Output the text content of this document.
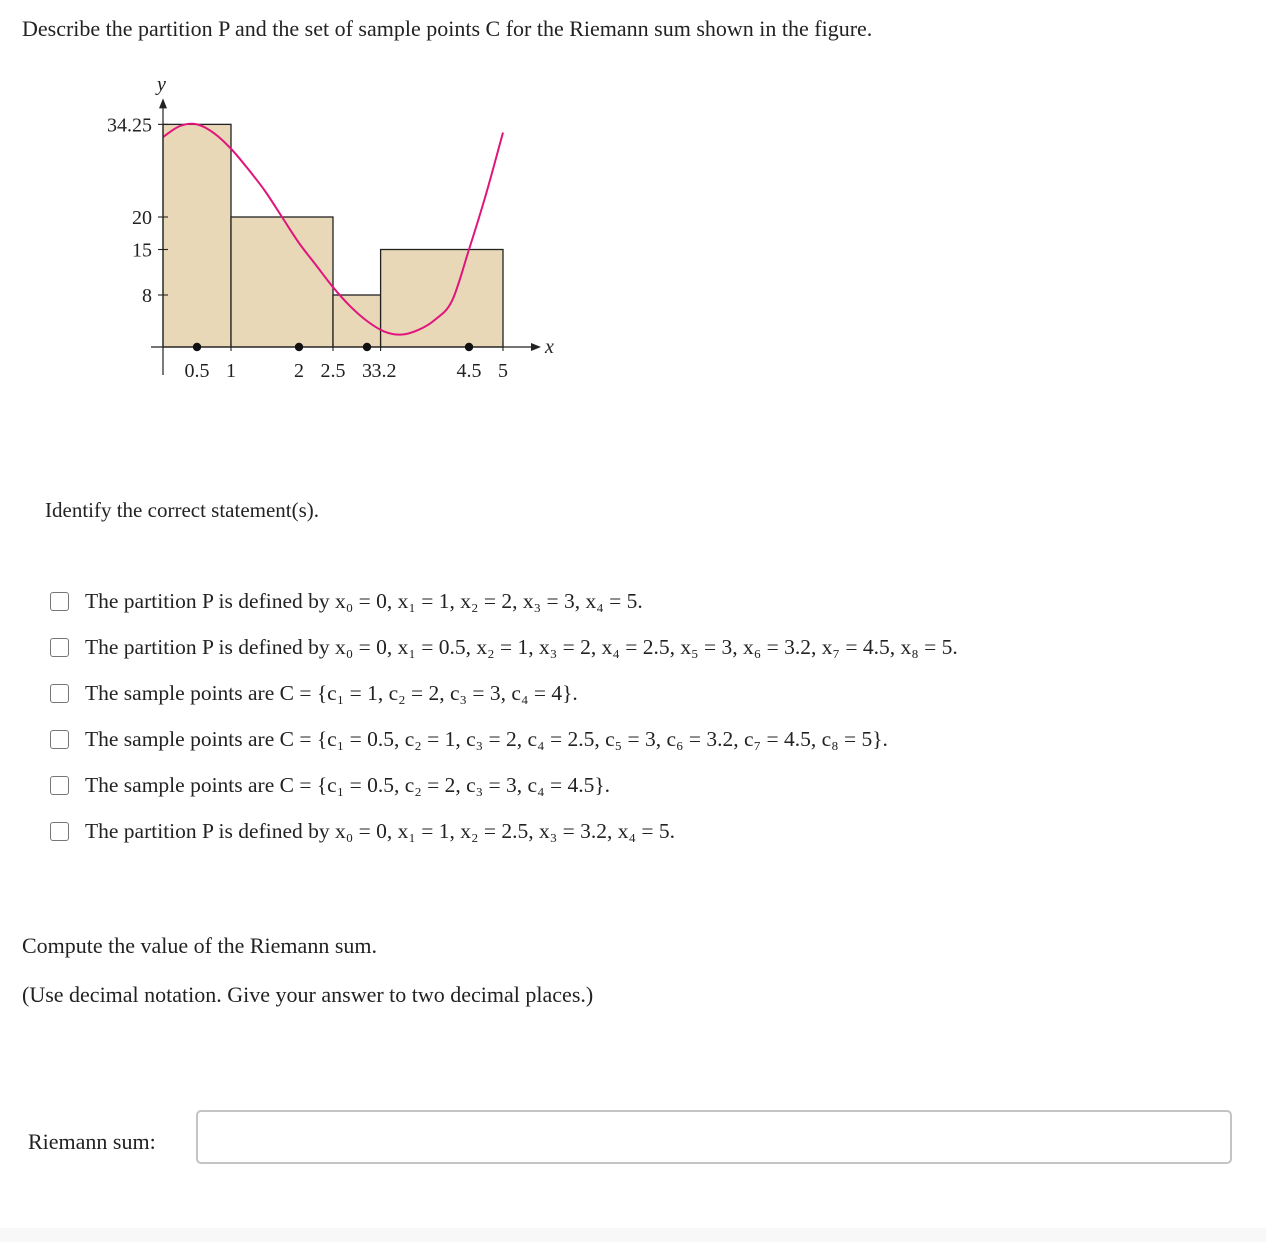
Describe the partition P and the set of sample points C for the Riemann sum shown in the figure.
x
y
0.5 1	2 2.5 3 3.2	4.5 5
8
15
20
34.25
Identify the correct statement(s).
The partition P is defined by x₀ = 0, x₁ = 1, x₂ = 2, x₃ = 3, x₄ = 5.
The partition P is defined by x₀ = 0, x₁ = 0.5, x₂ = 1, x₃ = 2, x₄ = 2.5, x₅ = 3, x₆ = 3.2, x₇ = 4.5, x₈ = 5.
The sample points are C = {c₁ = 1, c₂ = 2, c₃ = 3, c₄ = 4}.
The sample points are C = {c₁ = 0.5, c₂ = 1, c₃ = 2, c₄ = 2.5, c₅ = 3, c₆ = 3.2, c₇ = 4.5, c₈ = 5}.
The sample points are C = {c₁ = 0.5, c₂ = 2, c₃ = 3, c₄ = 4.5}.
The partition P is defined by x₀ = 0, x₁ = 1, x₂ = 2.5, x₃ = 3.2, x₄ = 5.
Compute the value of the Riemann sum.
(Use decimal notation. Give your answer to two decimal places.)
Riemann sum:
